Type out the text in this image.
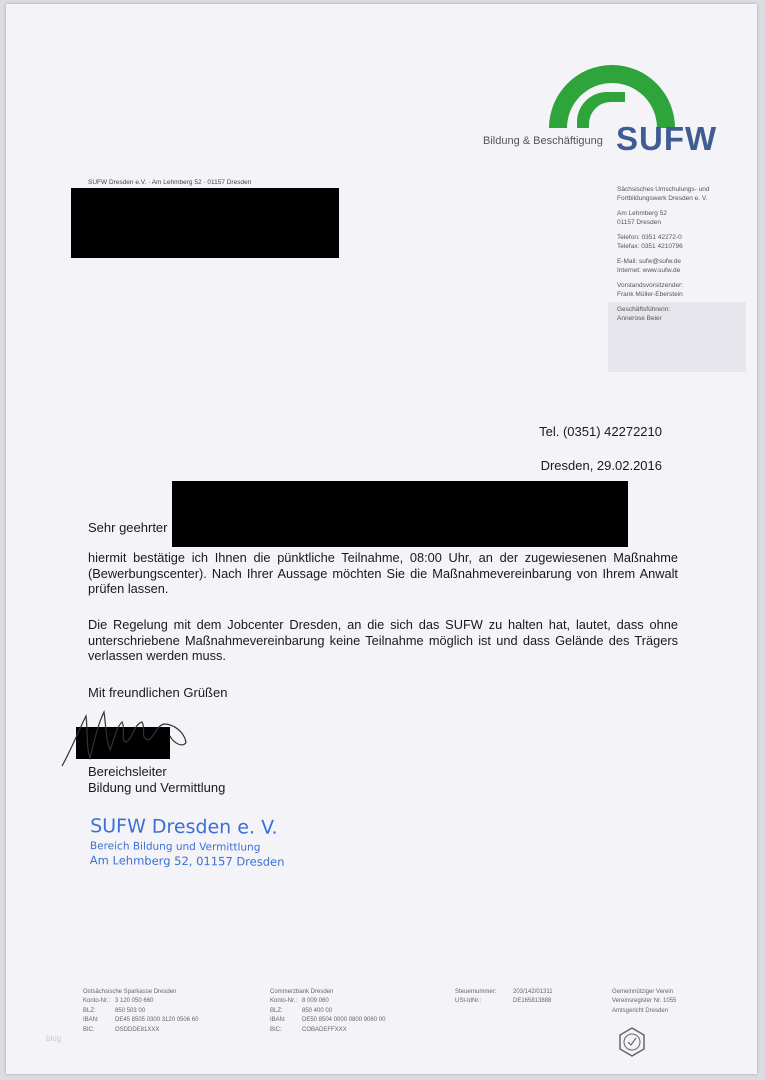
Bildung & Beschäftigung SUFW
SUFW Dresden e.V. · Am Lehmberg 52 · 01157 Dresden
Sächsisches Umschulungs- und
Fortbildungswerk Dresden e. V.
Am Lehmberg 52
01157 Dresden
Telefon: 0351 42272-0
Telefax: 0351 4210796
E-Mail: sufw@sufw.de
Internet: www.sufw.de
Vorstandsvorsitzender:
Frank Müller-Eberstein
Geschäftsführerin:
Annerose Beier
Tel. (0351) 42272210
Dresden, 29.02.2016
Sehr geehrter
hiermit bestätige ich Ihnen die pünktliche Teilnahme, 08:00 Uhr, an der zugewiesenen Maßnahme (Bewerbungscenter). Nach Ihrer Aussage möchten Sie die Maßnahmevereinbarung von Ihrem Anwalt prüfen lassen.
Die Regelung mit dem Jobcenter Dresden, an die sich das SUFW zu halten hat, lautet, dass ohne unterschriebene Maßnahmevereinbarung keine Teilnahme möglich ist und dass Gelände des Trägers verlassen werden muss.
Mit freundlichen Grüßen
Bereichsleiter
Bildung und Vermittlung
SUFW Dresden e. V.
Bereich Bildung und Vermittlung
Am Lehmberg 52, 01157 Dresden
Ostsächsische Sparkasse Dresden
Konto-Nr.: 3 120 050 660
BLZ:	850 503 00
IBAN:	DE45 8505 0300 3120 0506 60
BIC:	OSDDDE81XXX
Commerzbank Dresden
Konto-Nr.: 8 009 060
BLZ:	850 400 00
IBAN:	DE50 8504 0000 0800 9060 00
BIC:	COBADEFFXXX
Steuernummer:	203/142/01311
USt-IdNr.:	DE165813888
Gemeinnütziger Verein
Vereinsregister Nr. 1055
Amtsgericht Dresden
blog
